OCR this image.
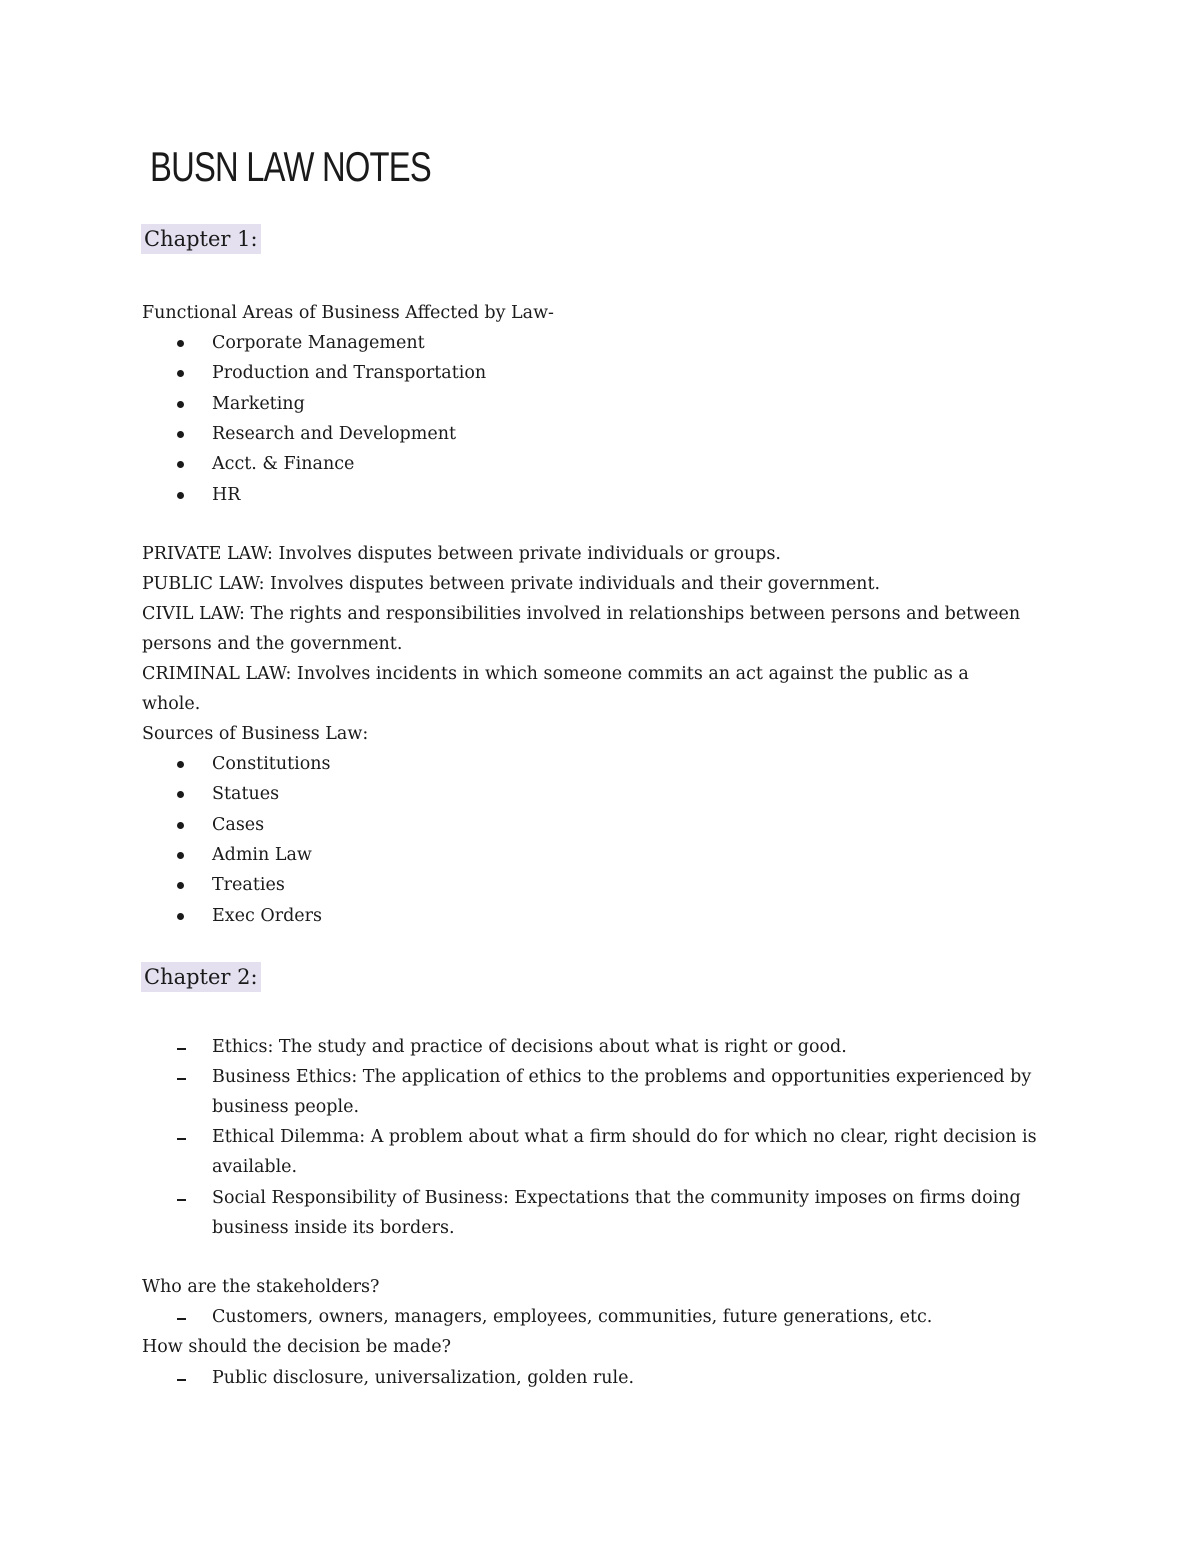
BUSN LAW NOTES
Chapter 1:
Functional Areas of Business Affected by Law-
Corporate Management
Production and Transportation
Marketing
Research and Development
Acct. & Finance
HR
PRIVATE LAW: Involves disputes between private individuals or groups.
PUBLIC LAW: Involves disputes between private individuals and their government.
CIVIL LAW: The rights and responsibilities involved in relationships between persons and between persons and the government.
CRIMINAL LAW: Involves incidents in which someone commits an act against the public as a whole.
Sources of Business Law:
Constitutions
Statues
Cases
Admin Law
Treaties
Exec Orders
Chapter 2:
Ethics: The study and practice of decisions about what is right or good.
Business Ethics: The application of ethics to the problems and opportunities experienced by business people.
Ethical Dilemma: A problem about what a firm should do for which no clear, right decision is available.
Social Responsibility of Business: Expectations that the community imposes on firms doing business inside its borders.
Who are the stakeholders?
Customers, owners, managers, employees, communities, future generations, etc.
How should the decision be made?
Public disclosure, universalization, golden rule.
